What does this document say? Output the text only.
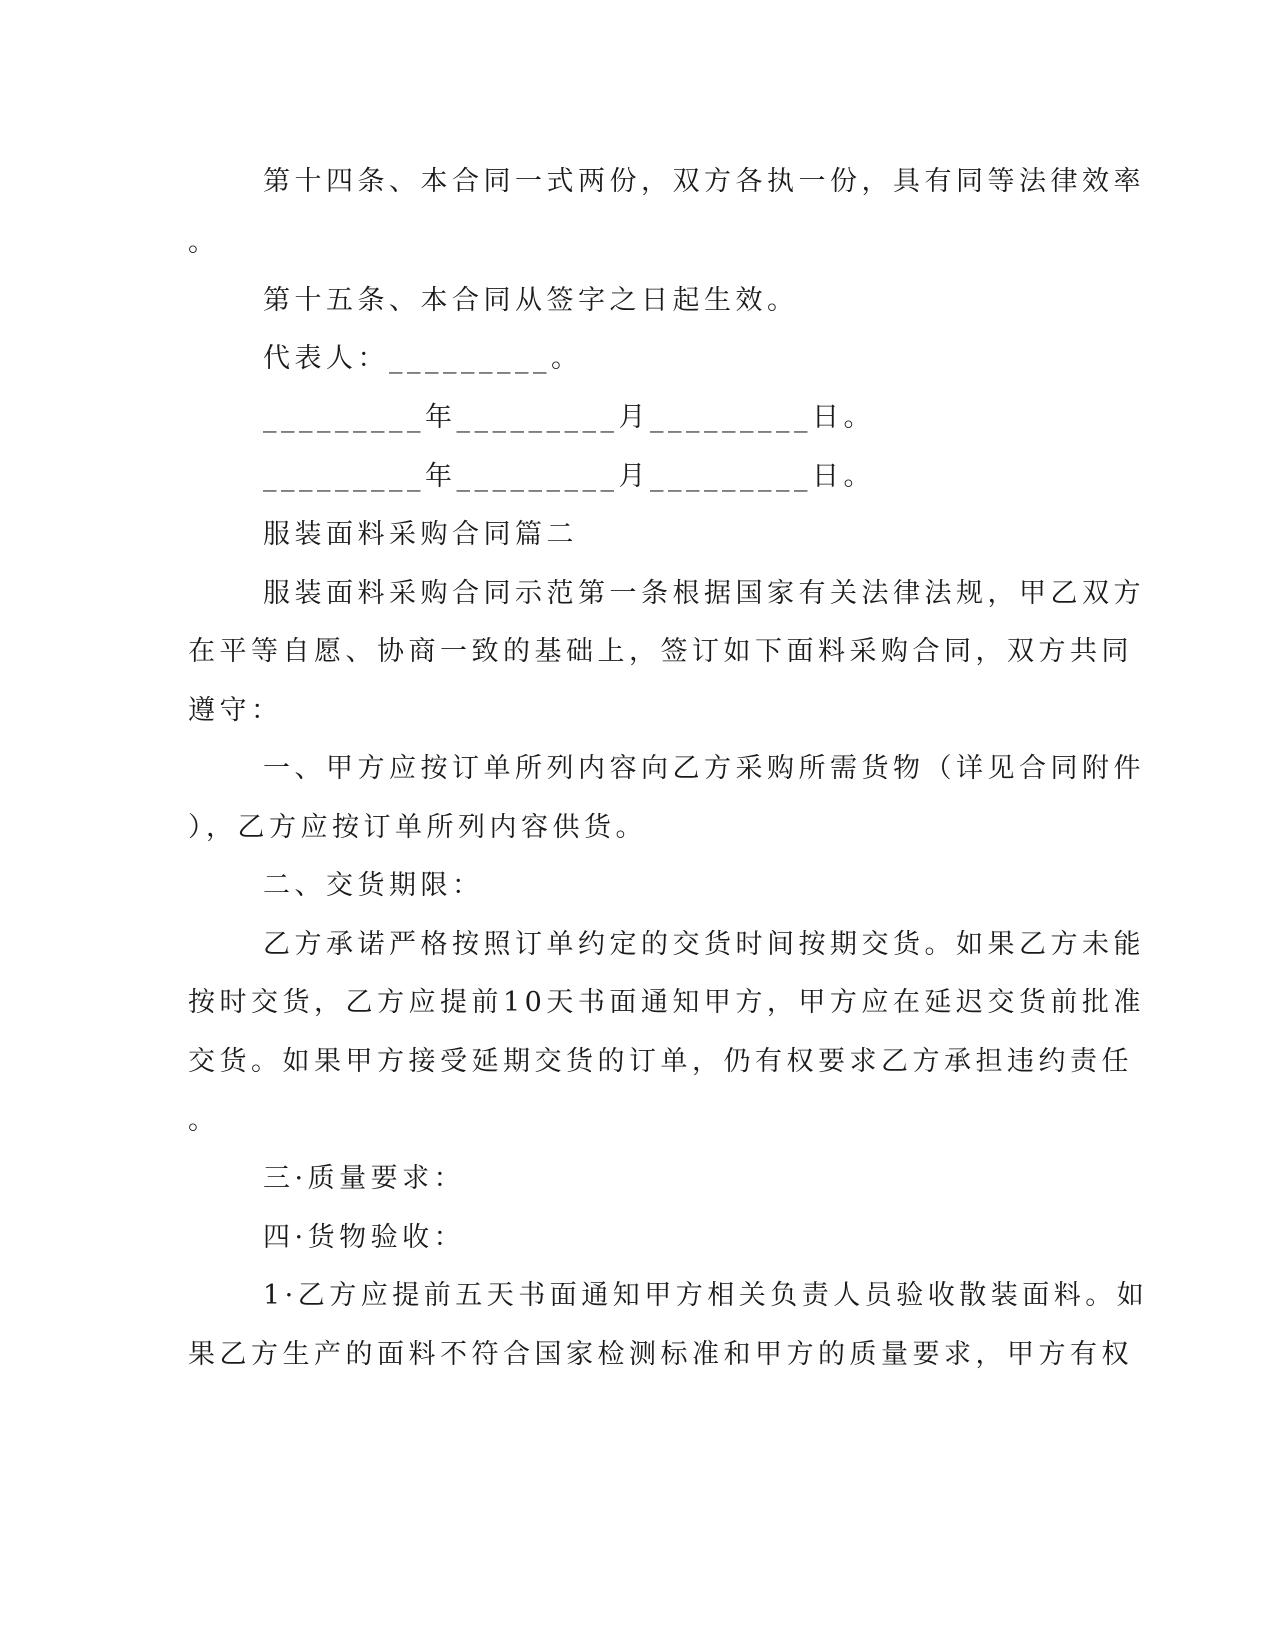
第十四条、本合同一式两份，双方各执一份，具有同等法律效率
。
第十五条、本合同从签字之日起生效。
代表人：_________。
_________年_________月_________日。
_________年_________月_________日。
服装面料采购合同篇二
服装面料采购合同示范第一条根据国家有关法律法规，甲乙双方
在平等自愿、协商一致的基础上，签订如下面料采购合同，双方共同
遵守：
一、甲方应按订单所列内容向乙方采购所需货物（详见合同附件
），乙方应按订单所列内容供货。
二、交货期限：
乙方承诺严格按照订单约定的交货时间按期交货。如果乙方未能
按时交货，乙方应提前10天书面通知甲方，甲方应在延迟交货前批准
交货。如果甲方接受延期交货的订单，仍有权要求乙方承担违约责任
。
三·质量要求：
四·货物验收：
1·乙方应提前五天书面通知甲方相关负责人员验收散装面料。如
果乙方生产的面料不符合国家检测标准和甲方的质量要求，甲方有权
